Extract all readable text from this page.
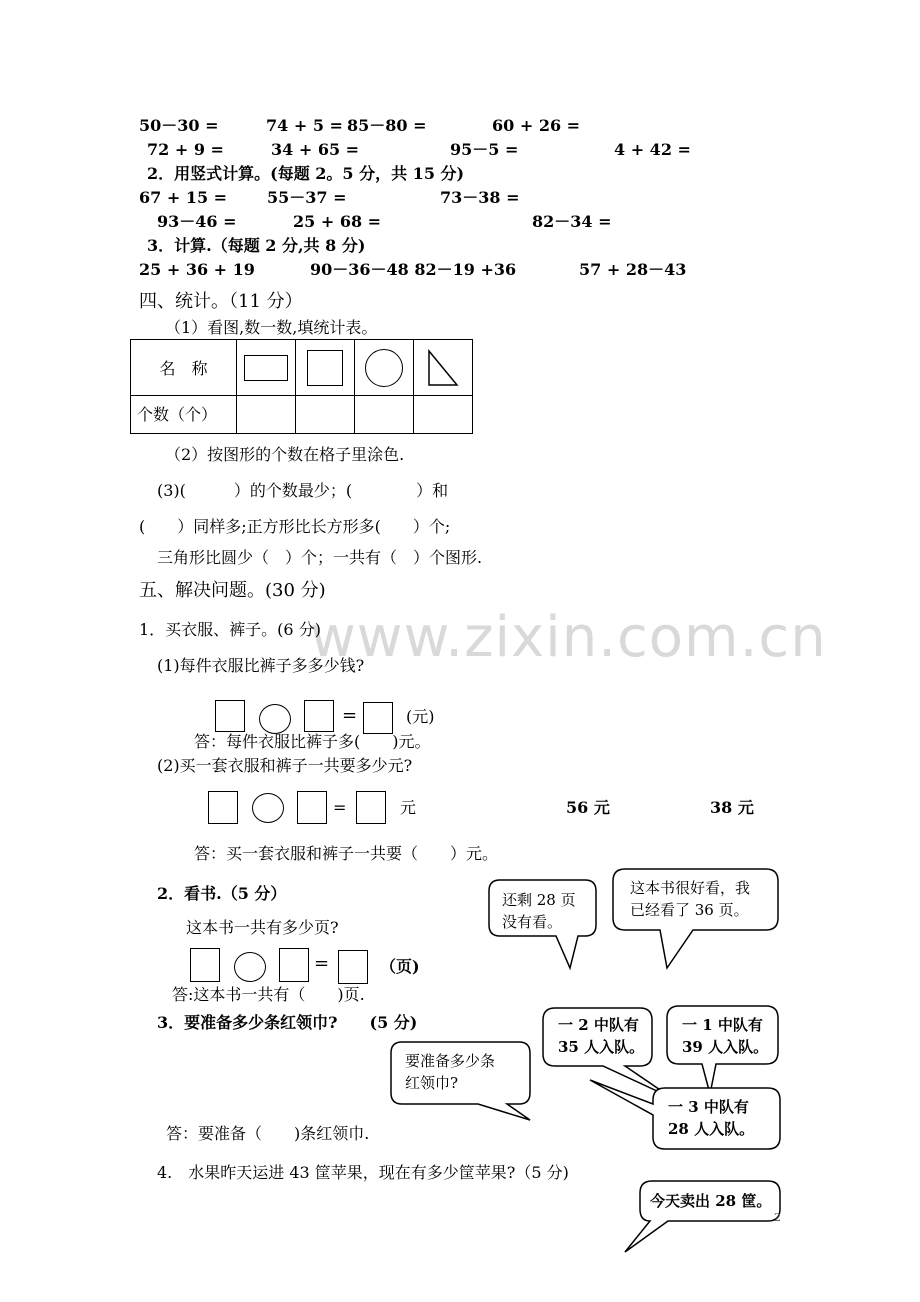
www.zixin.com.cn
50－30 =	74 + 5 = 85－80 =	60 + 26 =
72 + 9 =	34 + 65 =	95－5 =	4 + 42 =
2．用竖式计算。(每题 2。5 分，共 15 分)
67 + 15 = 55－37 =	73－38 =
93－46 =	25 + 68 =	82－34 =
3．计算.（每题 2 分,共 8 分)
25 + 36 + 19	90－36－48 82－19 +36	57 + 28－43
四、统计。（11 分）
（1）看图,数一数,填统计表。
名　称	

个数（个）				
（2）按图形的个数在格子里涂色.
(3)(　　　）的个数最少；(　　　　）和
(　　）同样多;正方形比长方形多(　　）个;
三角形比圆少（　）个；一共有（　）个图形.
五、解决问题。(30 分)
1．买衣服、裤子。(6 分)
(1)每件衣服比裤子多多少钱?
=	(元)
答：每件衣服比裤子多(　　)元。
(2)买一套衣服和裤子一共要多少元?
=	元	56 元	38 元
答：买一套衣服和裤子一共要（　　）元。
2．看书.（5 分）
这本书一共有多少页?
=	（页)
答:这本书一共有（　　)页.
3．要准备多少条红领巾?　　(5 分)
答：要准备（　　)条红领巾.
4.　水果昨天运进 43 筐苹果，现在有多少筐苹果?（5 分)
还剩 28 页
没有看。
这本书很好看，我
已经看了 36 页。
要准备多少条
红领巾?
一 2 中队有
35 人入队。
一 1 中队有
39 人入队。
一 3 中队有
28 人入队。
今天卖出 28 筐。
2
